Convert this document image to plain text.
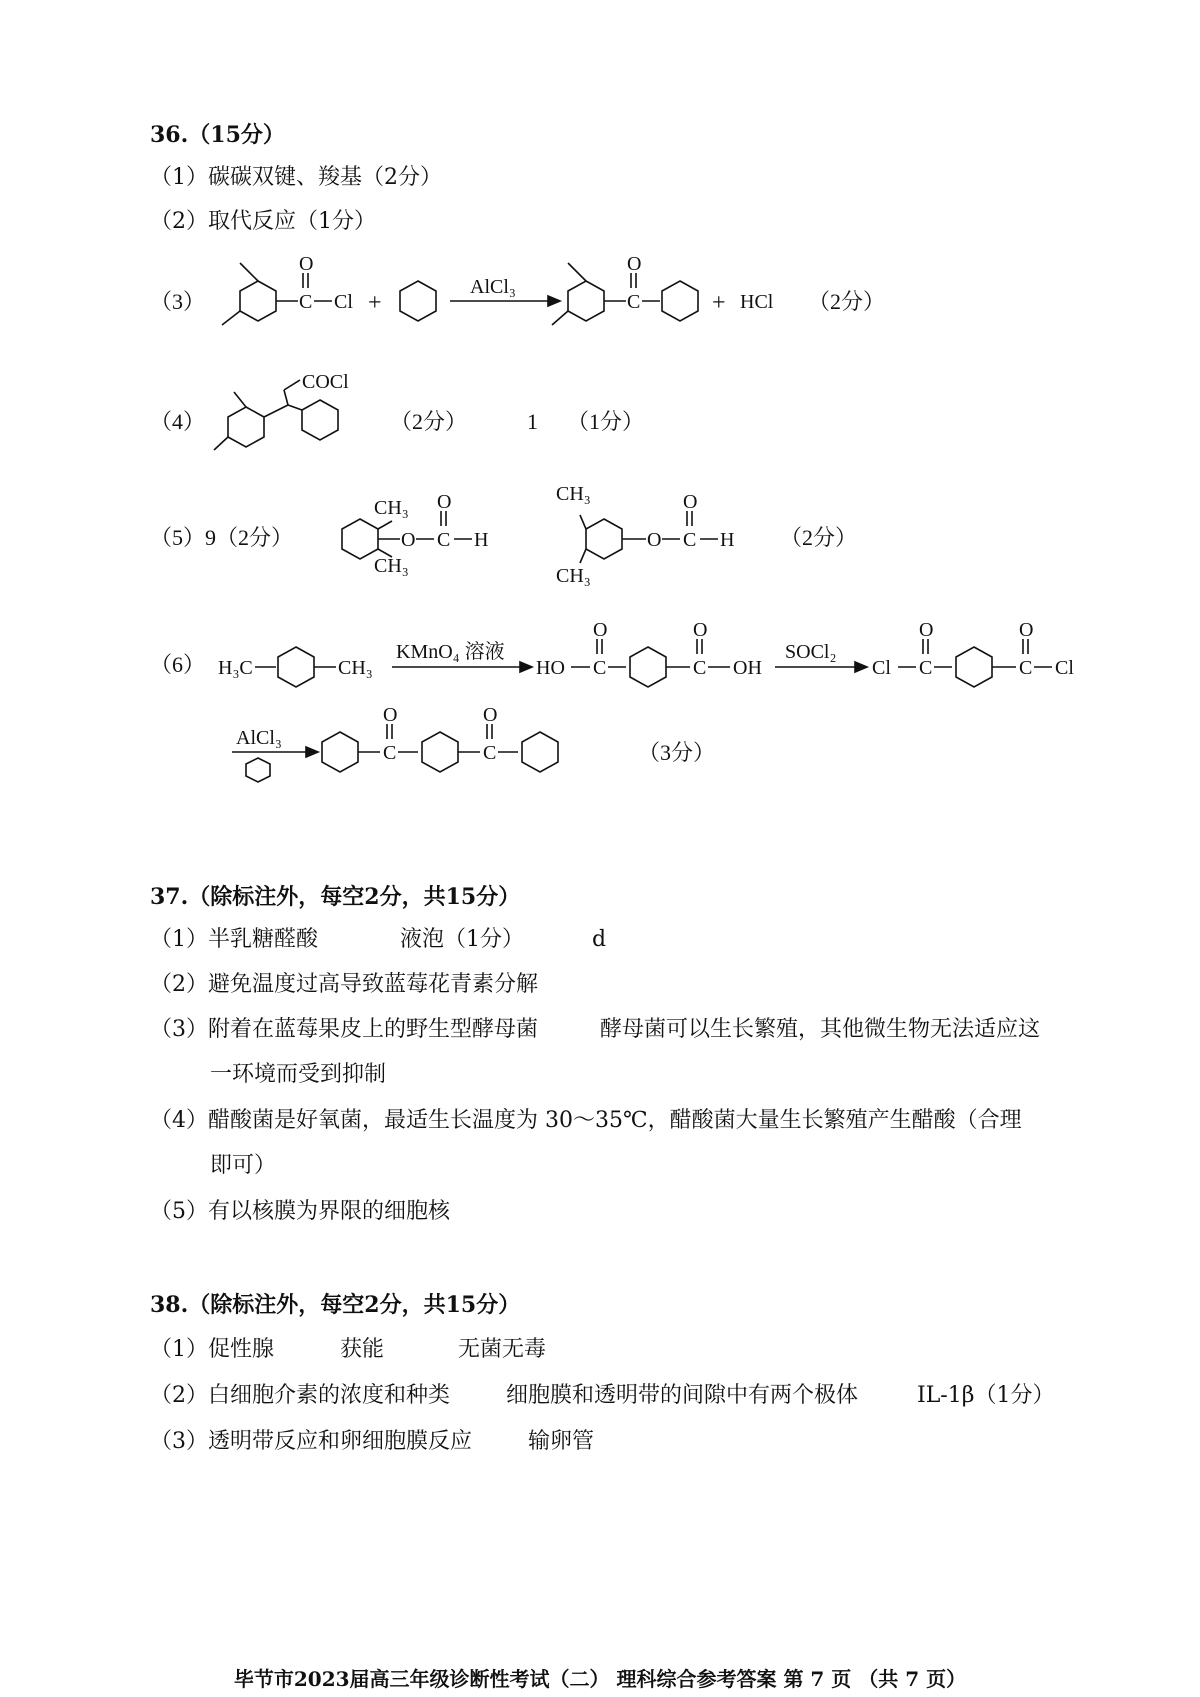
36.（15分）
（1）碳碳双键、羧基（2分）
（2）取代反应（1分）
（3）
O
C Cl +
AlCl₃
O
C	+ HCl （2分）
（4）
COCl
（2分）	1 （1分）
（5）9（2分）
CH₃
CH₃
O
O
C H
CH₃
CH₃
O
O
C H （2分）
（6） H₃C	CH₃
KMnO₄ 溶液
HO
O
C
O
C OH
SOCl₂
Cl
O
C
O
C Cl
AlCl₃
O
C
O
C	（3分）
37.（除标注外，每空2分，共15分）
（1）半乳糖醛酸	液泡（1分）	d
（2）避免温度过高导致蓝莓花青素分解
（3）附着在蓝莓果皮上的野生型酵母菌	酵母菌可以生长繁殖，其他微生物无法适应这
一环境而受到抑制
（4）醋酸菌是好氧菌，最适生长温度为 30～35℃，醋酸菌大量生长繁殖产生醋酸（合理
即可）
（5）有以核膜为界限的细胞核
38.（除标注外，每空2分，共15分）
（1）促性腺	获能	无菌无毒
（2）白细胞介素的浓度和种类	细胞膜和透明带的间隙中有两个极体	IL-1β（1分）
（3）透明带反应和卵细胞膜反应	输卵管
毕节市2023届高三年级诊断性考试（二） 理科综合参考答案 第 7 页 （共 7 页）
